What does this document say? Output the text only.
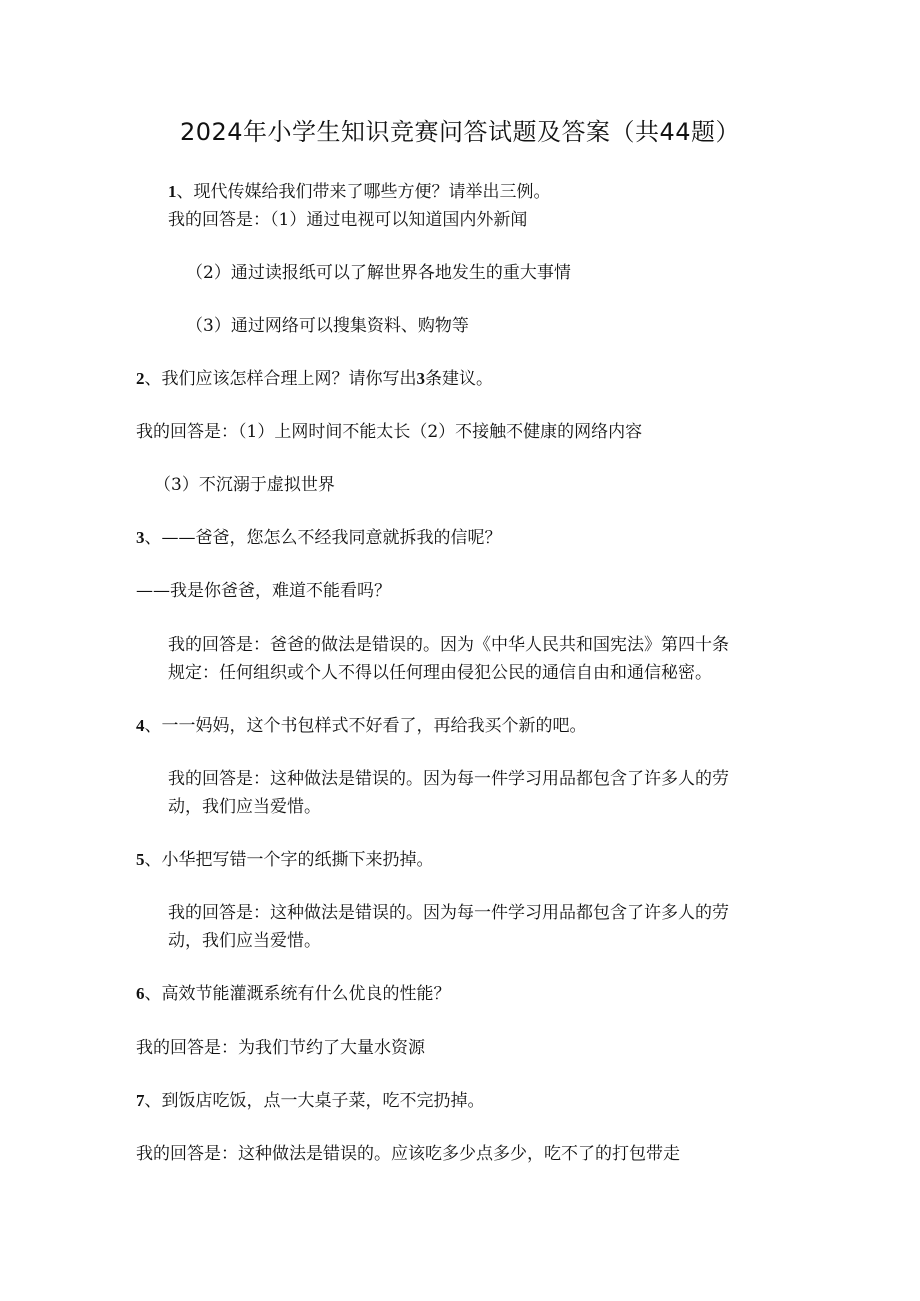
2024年小学生知识竞赛问答试题及答案（共44题）
1、现代传媒给我们带来了哪些方便？请举出三例。
我的回答是：（1）通过电视可以知道国内外新闻
（2）通过读报纸可以了解世界各地发生的重大事情
（3）通过网络可以搜集资料、购物等
2、我们应该怎样合理上网？请你写出3条建议。
我的回答是：（1）上网时间不能太长（2）不接触不健康的网络内容
（3）不沉溺于虚拟世界
3、——爸爸，您怎么不经我同意就拆我的信呢？
——我是你爸爸，难道不能看吗？
我的回答是：爸爸的做法是错误的。因为《中华人民共和国宪法》第四十条
规定：任何组织或个人不得以任何理由侵犯公民的通信自由和通信秘密。
4、一一妈妈，这个书包样式不好看了，再给我买个新的吧。
我的回答是：这种做法是错误的。因为每一件学习用品都包含了许多人的劳
动，我们应当爱惜。
5、小华把写错一个字的纸撕下来扔掉。
我的回答是：这种做法是错误的。因为每一件学习用品都包含了许多人的劳
动，我们应当爱惜。
6、高效节能灌溉系统有什么优良的性能？
我的回答是：为我们节约了大量水资源
7、到饭店吃饭，点一大桌子菜，吃不完扔掉。
我的回答是：这种做法是错误的。应该吃多少点多少，吃不了的打包带走
